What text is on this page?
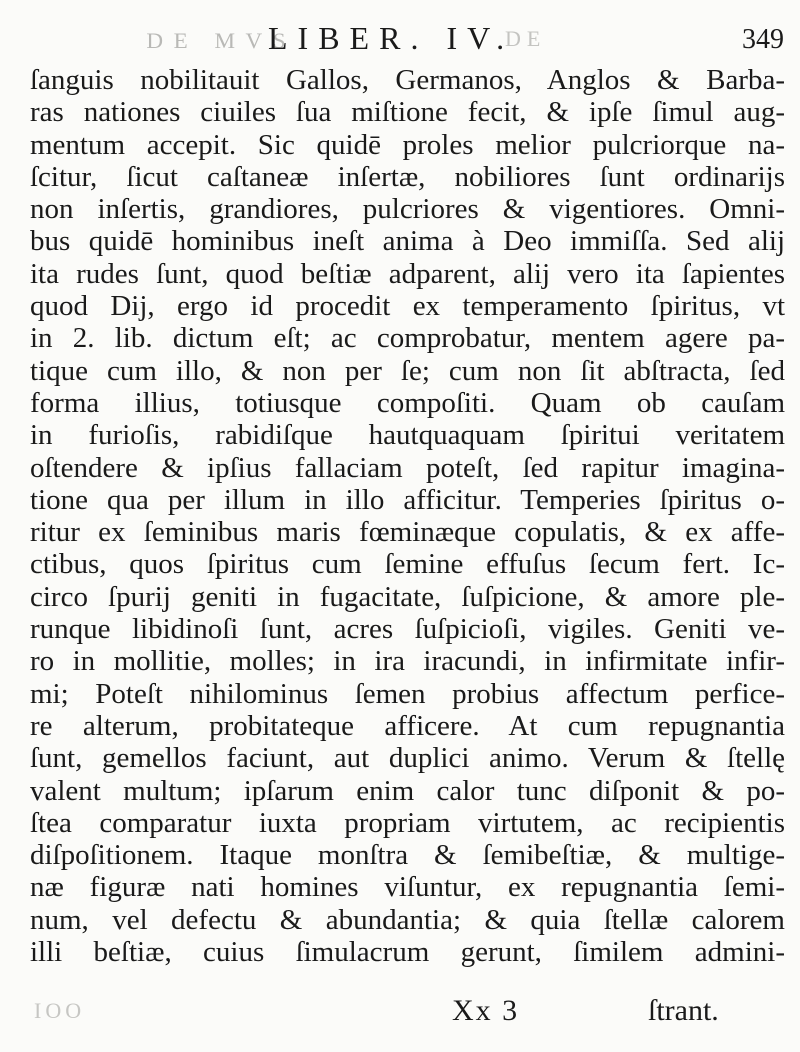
DE MVS
LIBER. IV.
DE	349
ſanguis nobilitauit Gallos, Germanos, Anglos & Barba-
ras nationes ciuiles ſua miſtione fecit, & ipſe ſimul aug-
mentum accepit. Sic quidē proles melior pulcriorque na-
ſcitur, ſicut caſtaneæ inſertæ, nobiliores ſunt ordinarijs
non inſertis, grandiores, pulcriores & vigentiores. Omni-
bus quidē hominibus ineſt anima à Deo immiſſa. Sed alij
ita rudes ſunt, quod beſtiæ adparent, alij vero ita ſapientes
quod Dij, ergo id procedit ex temperamento ſpiritus, vt
in 2. lib. dictum eſt; ac comprobatur, mentem agere pa-
tique cum illo, & non per ſe; cum non ſit abſtracta, ſed
forma illius, totiusque compoſiti. Quam ob cauſam
in furioſis, rabidiſque hautquaquam ſpiritui veritatem
oſtendere & ipſius fallaciam poteſt, ſed rapitur imagina-
tione qua per illum in illo afficitur. Temperies ſpiritus o-
ritur ex ſeminibus maris fœminæque copulatis, & ex affe-
ctibus, quos ſpiritus cum ſemine effuſus ſecum fert. Ic-
circo ſpurij geniti in fugacitate, ſuſpicione, & amore ple-
runque libidinoſi ſunt, acres ſuſpicioſi, vigiles. Geniti ve-
ro in mollitie, molles; in ira iracundi, in infirmitate infir-
mi; Poteſt nihilominus ſemen probius affectum perfice-
re alterum, probitateque afficere. At cum repugnantia
ſunt, gemellos faciunt, aut duplici animo. Verum & ſtellę
valent multum; ipſarum enim calor tunc diſponit & po-
ſtea comparatur iuxta propriam virtutem, ac recipientis
diſpoſitionem. Itaque monſtra & ſemibeſtiæ, & multige-
næ figuræ nati homines viſuntur, ex repugnantia ſemi-
num, vel defectu & abundantia; & quia ſtellæ calorem
illi beſtiæ, cuius ſimulacrum gerunt, ſimilem admini-
IOO	Xx 3	ſtrant.
